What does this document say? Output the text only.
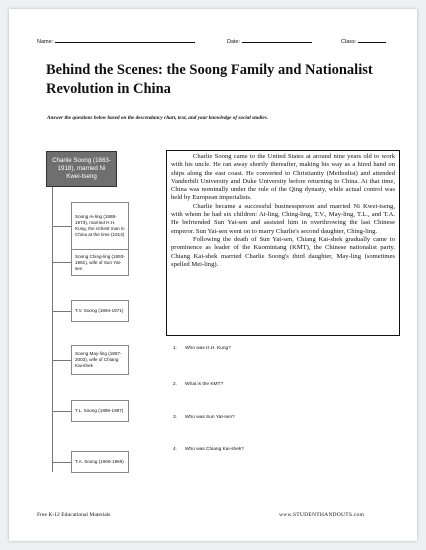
Name:	Date:	Class:
Behind the Scenes: the Soong Family and Nationalist Revolution in China
Answer the questions below based on the descendancy chart, text, and your knowledge of social studies.
Charlie Soong (1863-1918), married Ni Kwei-tseng
Soong Ai-ling (1888-1973), married H.H. Kung, the richest man in China at the time (1914)
Soong Ching-ling (1893-1981), wife of Sun Yat-sen
T.V. Soong (1894-1971)
Soong May-ling (1897-2003), wife of Chiang Kai-shek
T.L. Soong (1899-1987)
T.A. Soong (1906-1969)

Charlie Soong came to the United States at around nine years old to work with his uncle. He ran away shortly thereafter, making his way as a hired hand on ships along the east coast. He converted to Christianity (Methodist) and attended Vanderbilt University and Duke University before returning to China. At that time, China was nominally under the rule of the Qing dynasty, while actual control was held by European imperialists.

Charlie became a successful businessperson and married Ni Kwei-tseng, with whom he had six children: Ai-ling, Ching-ling, T.V., May-ling, T.L., and T.A. He befriended Sun Yat-sen and assisted him in overthrowing the last Chinese emperor. Sun Yat-sen went on to marry Charlie's second daughter, Ching-ling.

Following the death of Sun Yat-sen, Chiang Kai-shek gradually came to prominence as leader of the Kuomintang (KMT), the Chinese nationalist party. Chiang Kai-shek married Charlie Soong's third daughter, May-ling (sometimes spelled Mei-ling).

1. Who was H.H. Kung?
2. What is the KMT?
3. Who was Sun Yat-sen?
4. Who was Chiang Kai-shek?
Free K-12 Educational Materials	www.STUDENTHANDOUTS.com
